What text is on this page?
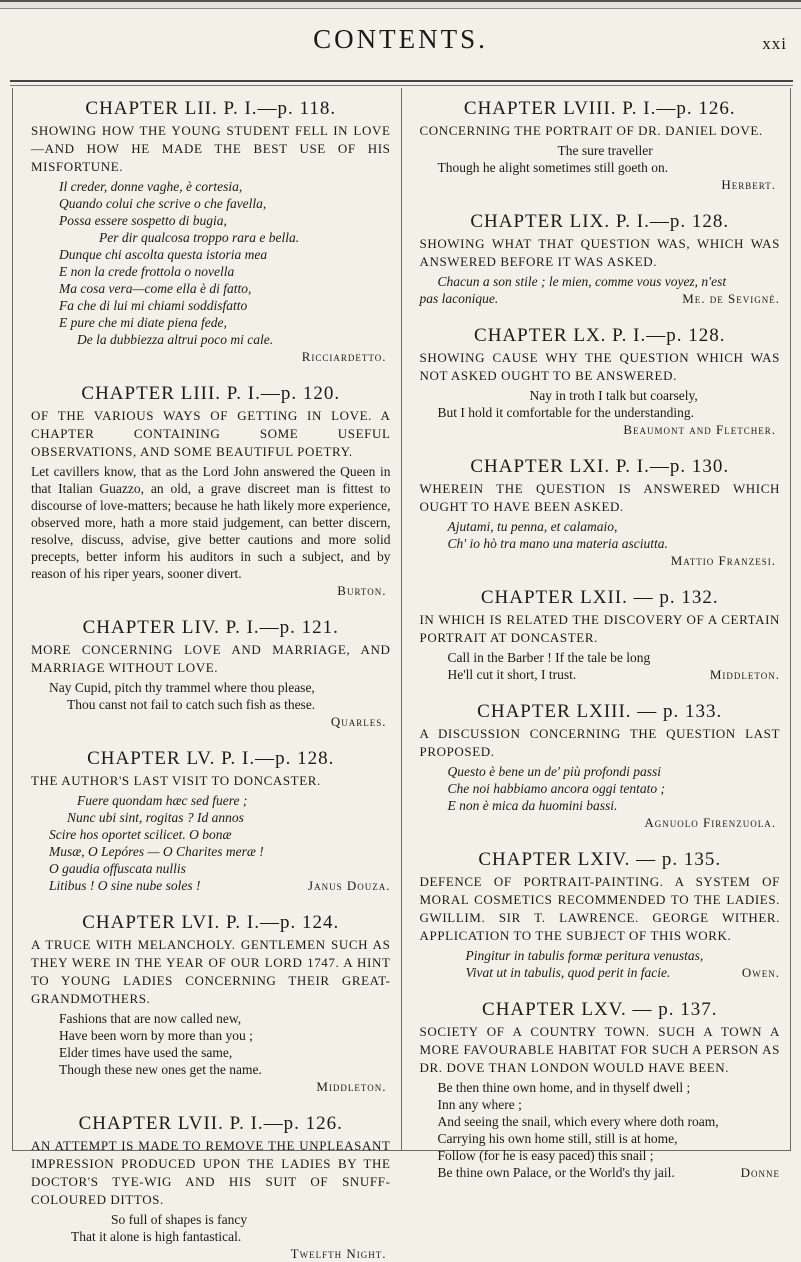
CONTENTS.	xxi
CHAPTER LII. P. I.—p. 118.
SHOWING HOW THE YOUNG STUDENT FELL IN LOVE—AND HOW HE MADE THE BEST USE OF HIS MISFORTUNE.
Il creder, donne vaghe, è cortesia,
Quando colui che scrive o che favella,
Possa essere sospetto di bugia,
Per dir qualcosa troppo rara e bella.
Dunque chi ascolta questa istoria mea
E non la crede frottola o novella
Ma cosa vera—come ella è di fatto,
Fa che di lui mi chiami soddisfatto
E pure che mi diate piena fede,
De la dubbiezza altrui poco mi cale.
Ricciardetto.
CHAPTER LIII. P. I.—p. 120.
OF THE VARIOUS WAYS OF GETTING IN LOVE. A CHAPTER CONTAINING SOME USEFUL OBSERVATIONS, AND SOME BEAUTIFUL POETRY.
Let cavillers know, that as the Lord John answered the Queen in that Italian Guazzo, an old, a grave discreet man is fittest to discourse of love-matters; because he hath likely more experience, observed more, hath a more staid judgement, can better discern, resolve, discuss, advise, give better cautions and more solid precepts, better inform his auditors in such a subject, and by reason of his riper years, sooner divert.
Burton.
CHAPTER LIV. P. I.—p. 121.
MORE CONCERNING LOVE AND MARRIAGE, AND MARRIAGE WITHOUT LOVE.
Nay Cupid, pitch thy trammel where thou please,
Thou canst not fail to catch such fish as these.
Quarles.
CHAPTER LV. P. I.—p. 128.
THE AUTHOR'S LAST VISIT TO DONCASTER.
Fuere quondam hæc sed fuere ;
Nunc ubi sint, rogitas ? Id annos
Scire hos oportet scilicet. O bonæ
Musæ, O Lepóres — O Charites meræ !
O gaudia offuscata nullis
Litibus ! O sine nube soles !	Janus Douza.
CHAPTER LVI. P. I.—p. 124.
A TRUCE WITH MELANCHOLY. GENTLEMEN SUCH AS THEY WERE IN THE YEAR OF OUR LORD 1747. A HINT TO YOUNG LADIES CONCERNING THEIR GREAT-GRANDMOTHERS.
Fashions that are now called new,
Have been worn by more than you ;
Elder times have used the same,
Though these new ones get the name.
Middleton.
CHAPTER LVII. P. I.—p. 126.
AN ATTEMPT IS MADE TO REMOVE THE UNPLEASANT IMPRESSION PRODUCED UPON THE LADIES BY THE DOCTOR'S TYE-WIG AND HIS SUIT OF SNUFF-COLOURED DITTOS.
So full of shapes is fancy
That it alone is high fantastical.
Twelfth Night.
CHAPTER LVIII. P. I.—p. 126.
CONCERNING THE PORTRAIT OF DR. DANIEL DOVE.
The sure traveller
Though he alight sometimes still goeth on.
Herbert.
CHAPTER LIX. P. I.—p. 128.
SHOWING WHAT THAT QUESTION WAS, WHICH WAS ANSWERED BEFORE IT WAS ASKED.
Chacun a son stile ; le mien, comme vous voyez, n'est
pas laconique.	Me. de Sevigné.
CHAPTER LX. P. I.—p. 128.
SHOWING CAUSE WHY THE QUESTION WHICH WAS NOT ASKED OUGHT TO BE ANSWERED.
Nay in troth I talk but coarsely,
But I hold it comfortable for the understanding.
Beaumont and Fletcher.
CHAPTER LXI. P. I.—p. 130.
WHEREIN THE QUESTION IS ANSWERED WHICH OUGHT TO HAVE BEEN ASKED.
Ajutami, tu penna, et calamaio,
Ch' io hò tra mano una materia asciutta.
Mattio Franzesi.
CHAPTER LXII. — p. 132.
IN WHICH IS RELATED THE DISCOVERY OF A CERTAIN PORTRAIT AT DONCASTER.
Call in the Barber ! If the tale be long
He'll cut it short, I trust.	Middleton.
CHAPTER LXIII. — p. 133.
A DISCUSSION CONCERNING THE QUESTION LAST PROPOSED.
Questo è bene un de' più profondi passi
Che noi habbiamo ancora oggi tentato ;
E non è mica da huomini bassi.
Agnuolo Firenzuola.
CHAPTER LXIV. — p. 135.
DEFENCE OF PORTRAIT-PAINTING. A SYSTEM OF MORAL COSMETICS RECOMMENDED TO THE LADIES. GWILLIM. SIR T. LAWRENCE. GEORGE WITHER. APPLICATION TO THE SUBJECT OF THIS WORK.
Pingitur in tabulis formæ peritura venustas,
Vivat ut in tabulis, quod perit in facie.	Owen.
CHAPTER LXV. — p. 137.
SOCIETY OF A COUNTRY TOWN. SUCH A TOWN A MORE FAVOURABLE HABITAT FOR SUCH A PERSON AS DR. DOVE THAN LONDON WOULD HAVE BEEN.
Be then thine own home, and in thyself dwell ;
Inn any where ;
And seeing the snail, which every where doth roam,
Carrying his own home still, still is at home,
Follow (for he is easy paced) this snail ;
Be thine own Palace, or the World's thy jail.	Donne
